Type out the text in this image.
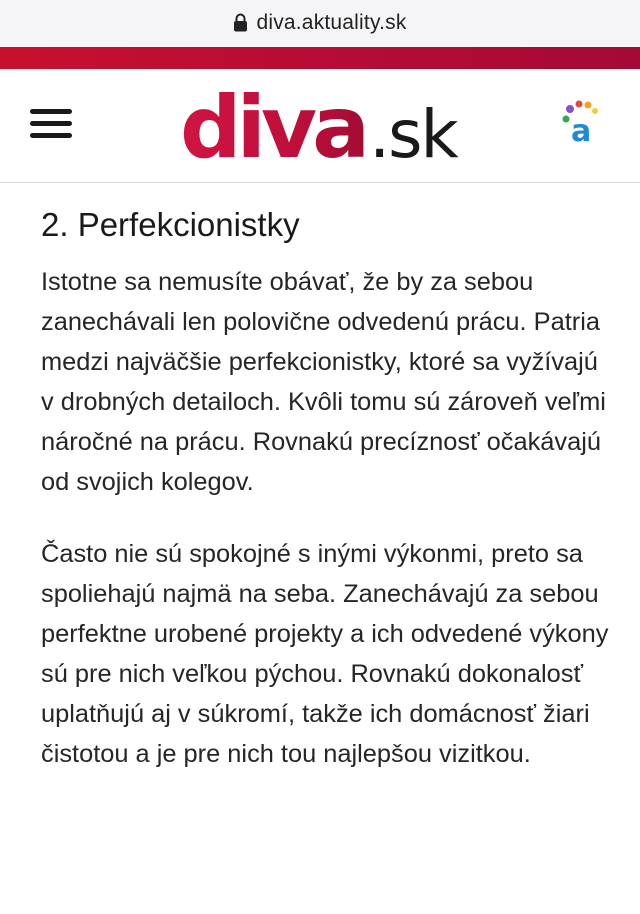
diva.aktuality.sk
diva .sk	a
2. Perfekcionistky

Istotne sa nemusíte obávať, že by za sebou zanechávali len polovične odvedenú prácu. Patria medzi najväčšie perfekcionistky, ktoré sa vyžívajú v drobných detailoch. Kvôli tomu sú zároveň veľmi náročné na prácu. Rovnakú precíznosť očakávajú od svojich kolegov.

Často nie sú spokojné s inými výkonmi, preto sa spoliehajú najmä na seba. Zanechávajú za sebou perfektne urobené projekty a ich odvedené výkony sú pre nich veľkou pýchou. Rovnakú dokonalosť uplatňujú aj v súkromí, takže ich domácnosť žiari čistotou a je pre nich tou najlepšou vizitkou.
